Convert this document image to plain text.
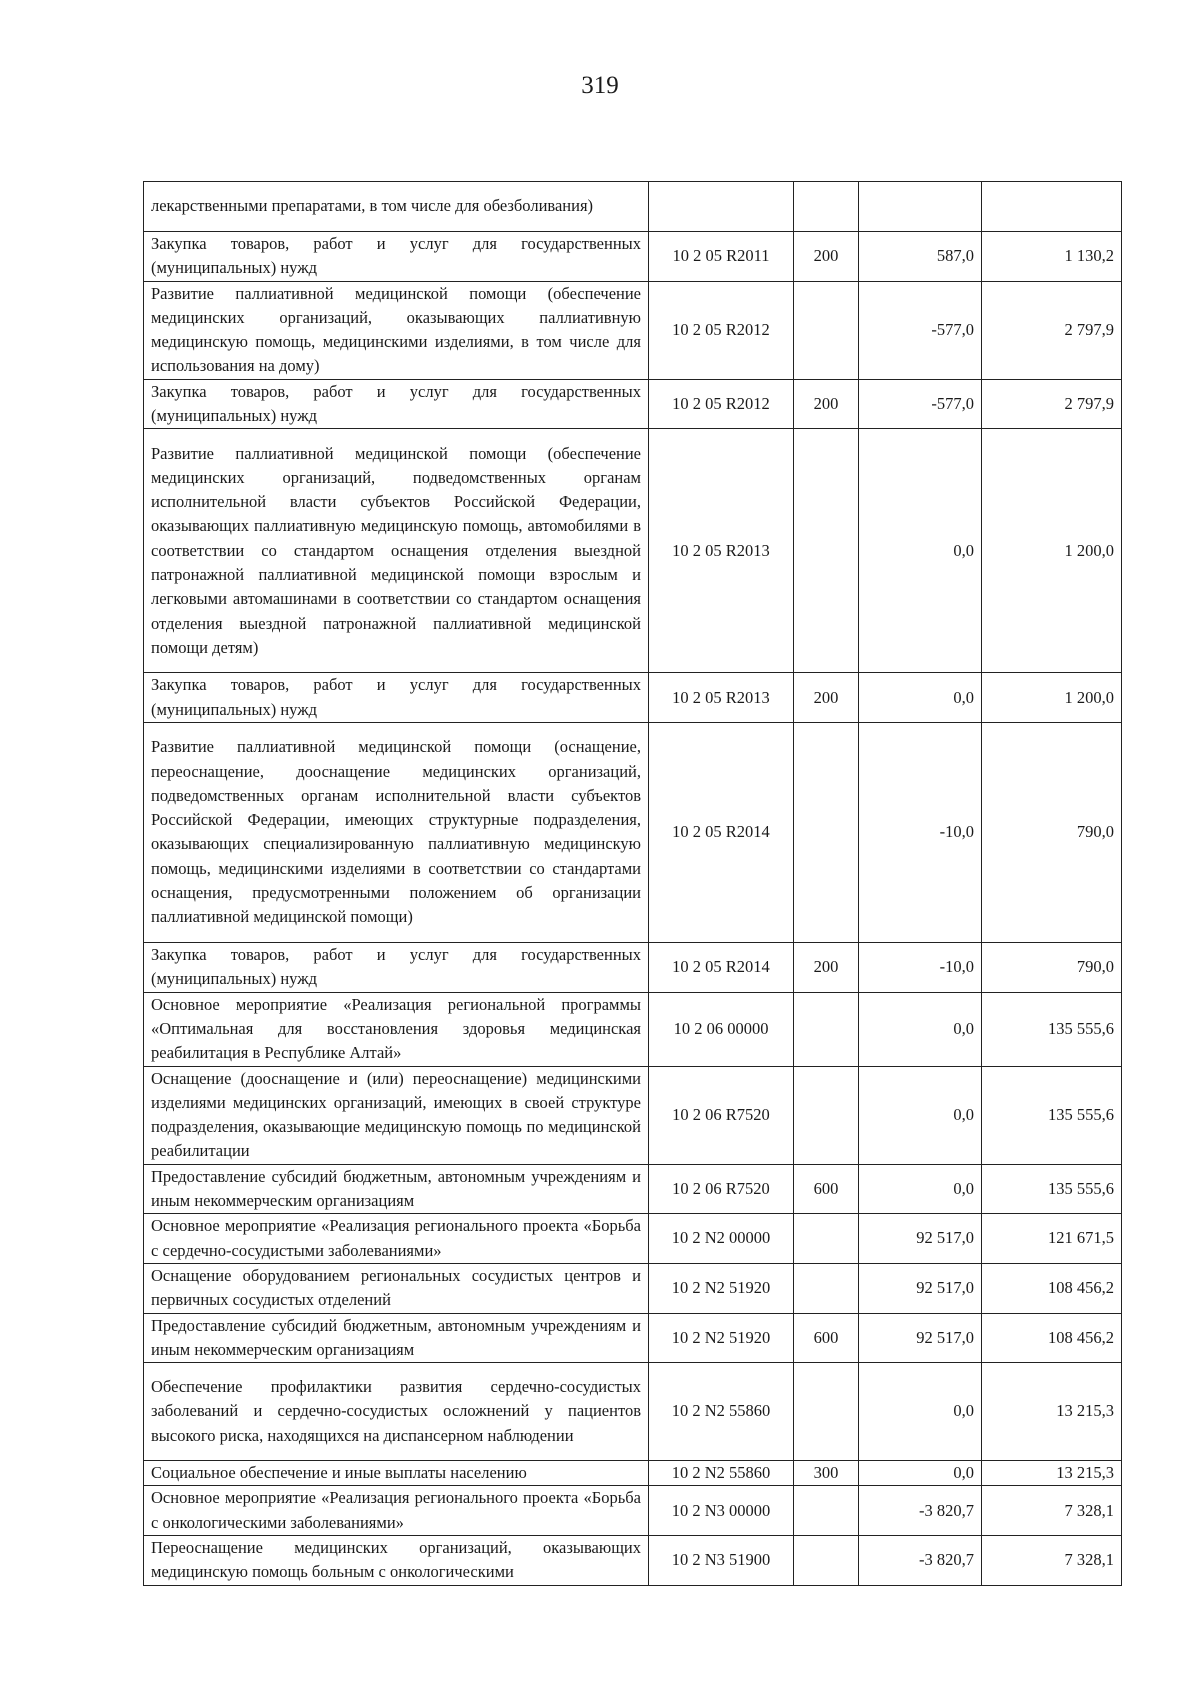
319
лекарственными препаратами, в том числе для обезболивания)				
Закупка товаров, работ и услуг для государственных (муниципальных) нужд	10 2 05 R2011	200	587,0	1 130,2
Развитие паллиативной медицинской помощи (обеспечение медицинских организаций, оказывающих паллиативную медицинскую помощь, медицинскими изделиями, в том числе для использования на дому)	10 2 05 R2012		-577,0	2 797,9
Закупка товаров, работ и услуг для государственных (муниципальных) нужд	10 2 05 R2012	200	-577,0	2 797,9
Развитие паллиативной медицинской помощи (обеспечение медицинских организаций, подведомственных органам исполнительной власти субъектов Российской Федерации, оказывающих паллиативную медицинскую помощь, автомобилями в соответствии со стандартом оснащения отделения выездной патронажной паллиативной медицинской помощи взрослым и легковыми автомашинами в соответствии со стандартом оснащения отделения выездной патронажной паллиативной медицинской помощи детям)	10 2 05 R2013		0,0	1 200,0
Закупка товаров, работ и услуг для государственных (муниципальных) нужд	10 2 05 R2013	200	0,0	1 200,0
Развитие паллиативной медицинской помощи (оснащение, переоснащение, дооснащение медицинских организаций, подведомственных органам исполнительной власти субъектов Российской Федерации, имеющих структурные подразделения, оказывающих специализированную паллиативную медицинскую помощь, медицинскими изделиями в соответствии со стандартами оснащения, предусмотренными положением об организации паллиативной медицинской помощи)	10 2 05 R2014		-10,0	790,0
Закупка товаров, работ и услуг для государственных (муниципальных) нужд	10 2 05 R2014	200	-10,0	790,0
Основное мероприятие «Реализация региональной программы «Оптимальная для восстановления здоровья медицинская реабилитация в Республике Алтай»	10 2 06 00000		0,0	135 555,6
Оснащение (дооснащение и (или) переоснащение) медицинскими изделиями медицинских организаций, имеющих в своей структуре подразделения, оказывающие медицинскую помощь по медицинской реабилитации	10 2 06 R7520		0,0	135 555,6
Предоставление субсидий бюджетным, автономным учреждениям и иным некоммерческим организациям	10 2 06 R7520	600	0,0	135 555,6
Основное мероприятие «Реализация регионального проекта «Борьба с сердечно-сосудистыми заболеваниями»	10 2 N2 00000		92 517,0	121 671,5
Оснащение оборудованием региональных сосудистых центров и первичных сосудистых отделений	10 2 N2 51920		92 517,0	108 456,2
Предоставление субсидий бюджетным, автономным учреждениям и иным некоммерческим организациям	10 2 N2 51920	600	92 517,0	108 456,2
Обеспечение профилактики развития сердечно-сосудистых заболеваний и сердечно-сосудистых осложнений у пациентов высокого риска, находящихся на диспансерном наблюдении	10 2 N2 55860		0,0	13 215,3
Социальное обеспечение и иные выплаты населению	10 2 N2 55860	300	0,0	13 215,3
Основное мероприятие «Реализация регионального проекта «Борьба с онкологическими заболеваниями»	10 2 N3 00000		-3 820,7	7 328,1
Переоснащение медицинских организаций, оказывающих медицинскую помощь больным с онкологическими	10 2 N3 51900		-3 820,7	7 328,1
